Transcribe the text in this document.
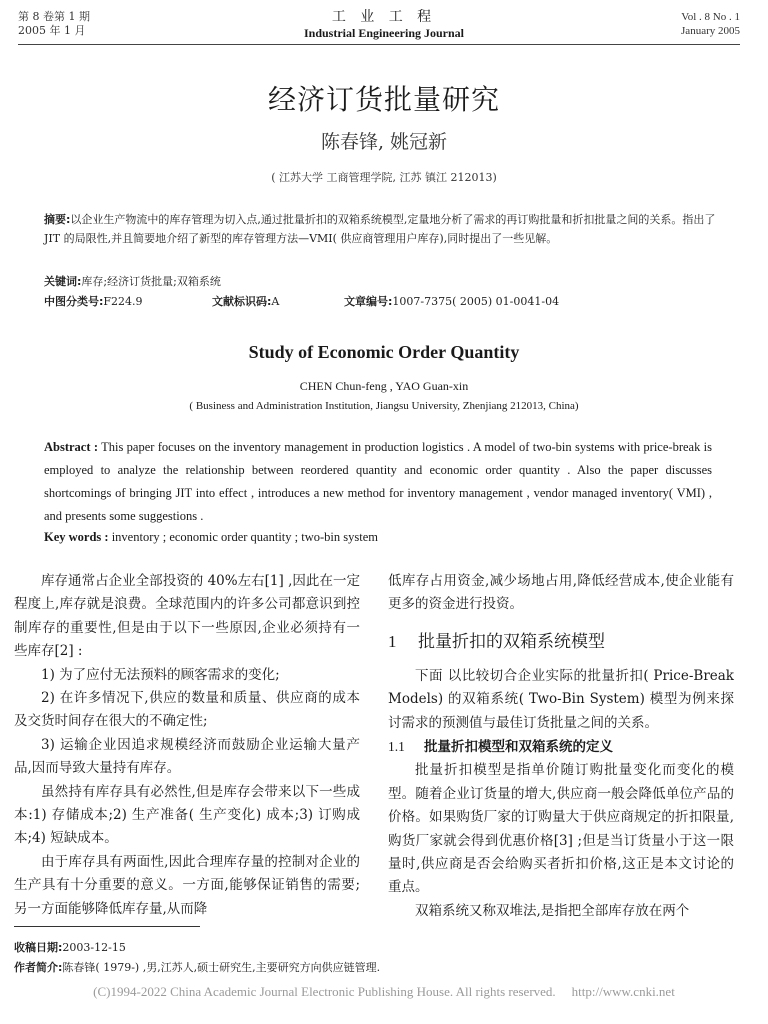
第 8 卷第 1 期
2005 年 1 月
工 业 工 程
Industrial Engineering Journal
Vol . 8 No . 1
January 2005
经济订货批量研究
陈春锋, 姚冠新
( 江苏大学 工商管理学院, 江苏 镇江 212013)
摘要:以企业生产物流中的库存管理为切入点,通过批量折扣的双箱系统模型,定量地分析了需求的再订购批量和折扣批量之间的关系。指出了JIT 的局限性,并且简要地介绍了新型的库存管理方法—VMI( 供应商管理用户库存),同时提出了一些见解。
关键词:库存;经济订货批量;双箱系统
中图分类号:F224.9	文献标识码:A	文章编号:1007-7375( 2005) 01-0041-04
Study of Economic Order Quantity
CHEN Chun-feng , YAO Guan-xin
( Business and Administration Institution, Jiangsu University, Zhenjiang 212013, China)
Abstract : This paper focuses on the inventory management in production logistics . A model of two-bin systems with price-break is employed to analyze the relationship between reordered quantity and economic order quantity . Also the paper discusses shortcomings of bringing JIT into effect , introduces a new method for inventory management , vendor managed inventory( VMI) , and presents some suggestions .
Key words : inventory ; economic order quantity ; two-bin system

库存通常占企业全部投资的 40%左右[1] ,因此在一定程度上,库存就是浪费。全球范围内的许多公司都意识到控制库存的重要性,但是由于以下一些原因,企业必须持有一些库存[2] :

1) 为了应付无法预料的顾客需求的变化;

2) 在许多情况下,供应的数量和质量、供应商的成本及交货时间存在很大的不确定性;

3) 运输企业因追求规模经济而鼓励企业运输大量产品,因而导致大量持有库存。

虽然持有库存具有必然性,但是库存会带来以下一些成本:1) 存储成本;2) 生产准备( 生产变化) 成本;3) 订购成本;4) 短缺成本。

由于库存具有两面性,因此合理库存量的控制对企业的生产具有十分重要的意义。一方面,能够保证销售的需要;另一方面能够降低库存量,从而降

低库存占用资金,减少场地占用,降低经营成本,使企业能有更多的资金进行投资。

1 批量折扣的双箱系统模型

下面 以比较切合企业实际的批量折扣( Price-Break Models) 的双箱系统( Two-Bin System) 模型为例来探讨需求的预测值与最佳订货批量之间的关系。

1.1 批量折扣模型和双箱系统的定义

批量折扣模型是指单价随订购批量变化而变化的模型。随着企业订货量的增大,供应商一般会降低单位产品的价格。如果购货厂家的订购量大于供应商规定的折扣限量,购货厂家就会得到优惠价格[3] ;但是当订货量小于这一限量时,供应商是否会给购买者折扣价格,这正是本文讨论的重点。

双箱系统又称双堆法,是指把全部库存放在两个

收稿日期:2003-12-15
作者简介:陈春锋( 1979-) ,男,江苏人,硕士研究生,主要研究方向供应链管理.
(C)1994-2022 China Academic Journal Electronic Publishing House. All rights reserved. http://www.cnki.net
